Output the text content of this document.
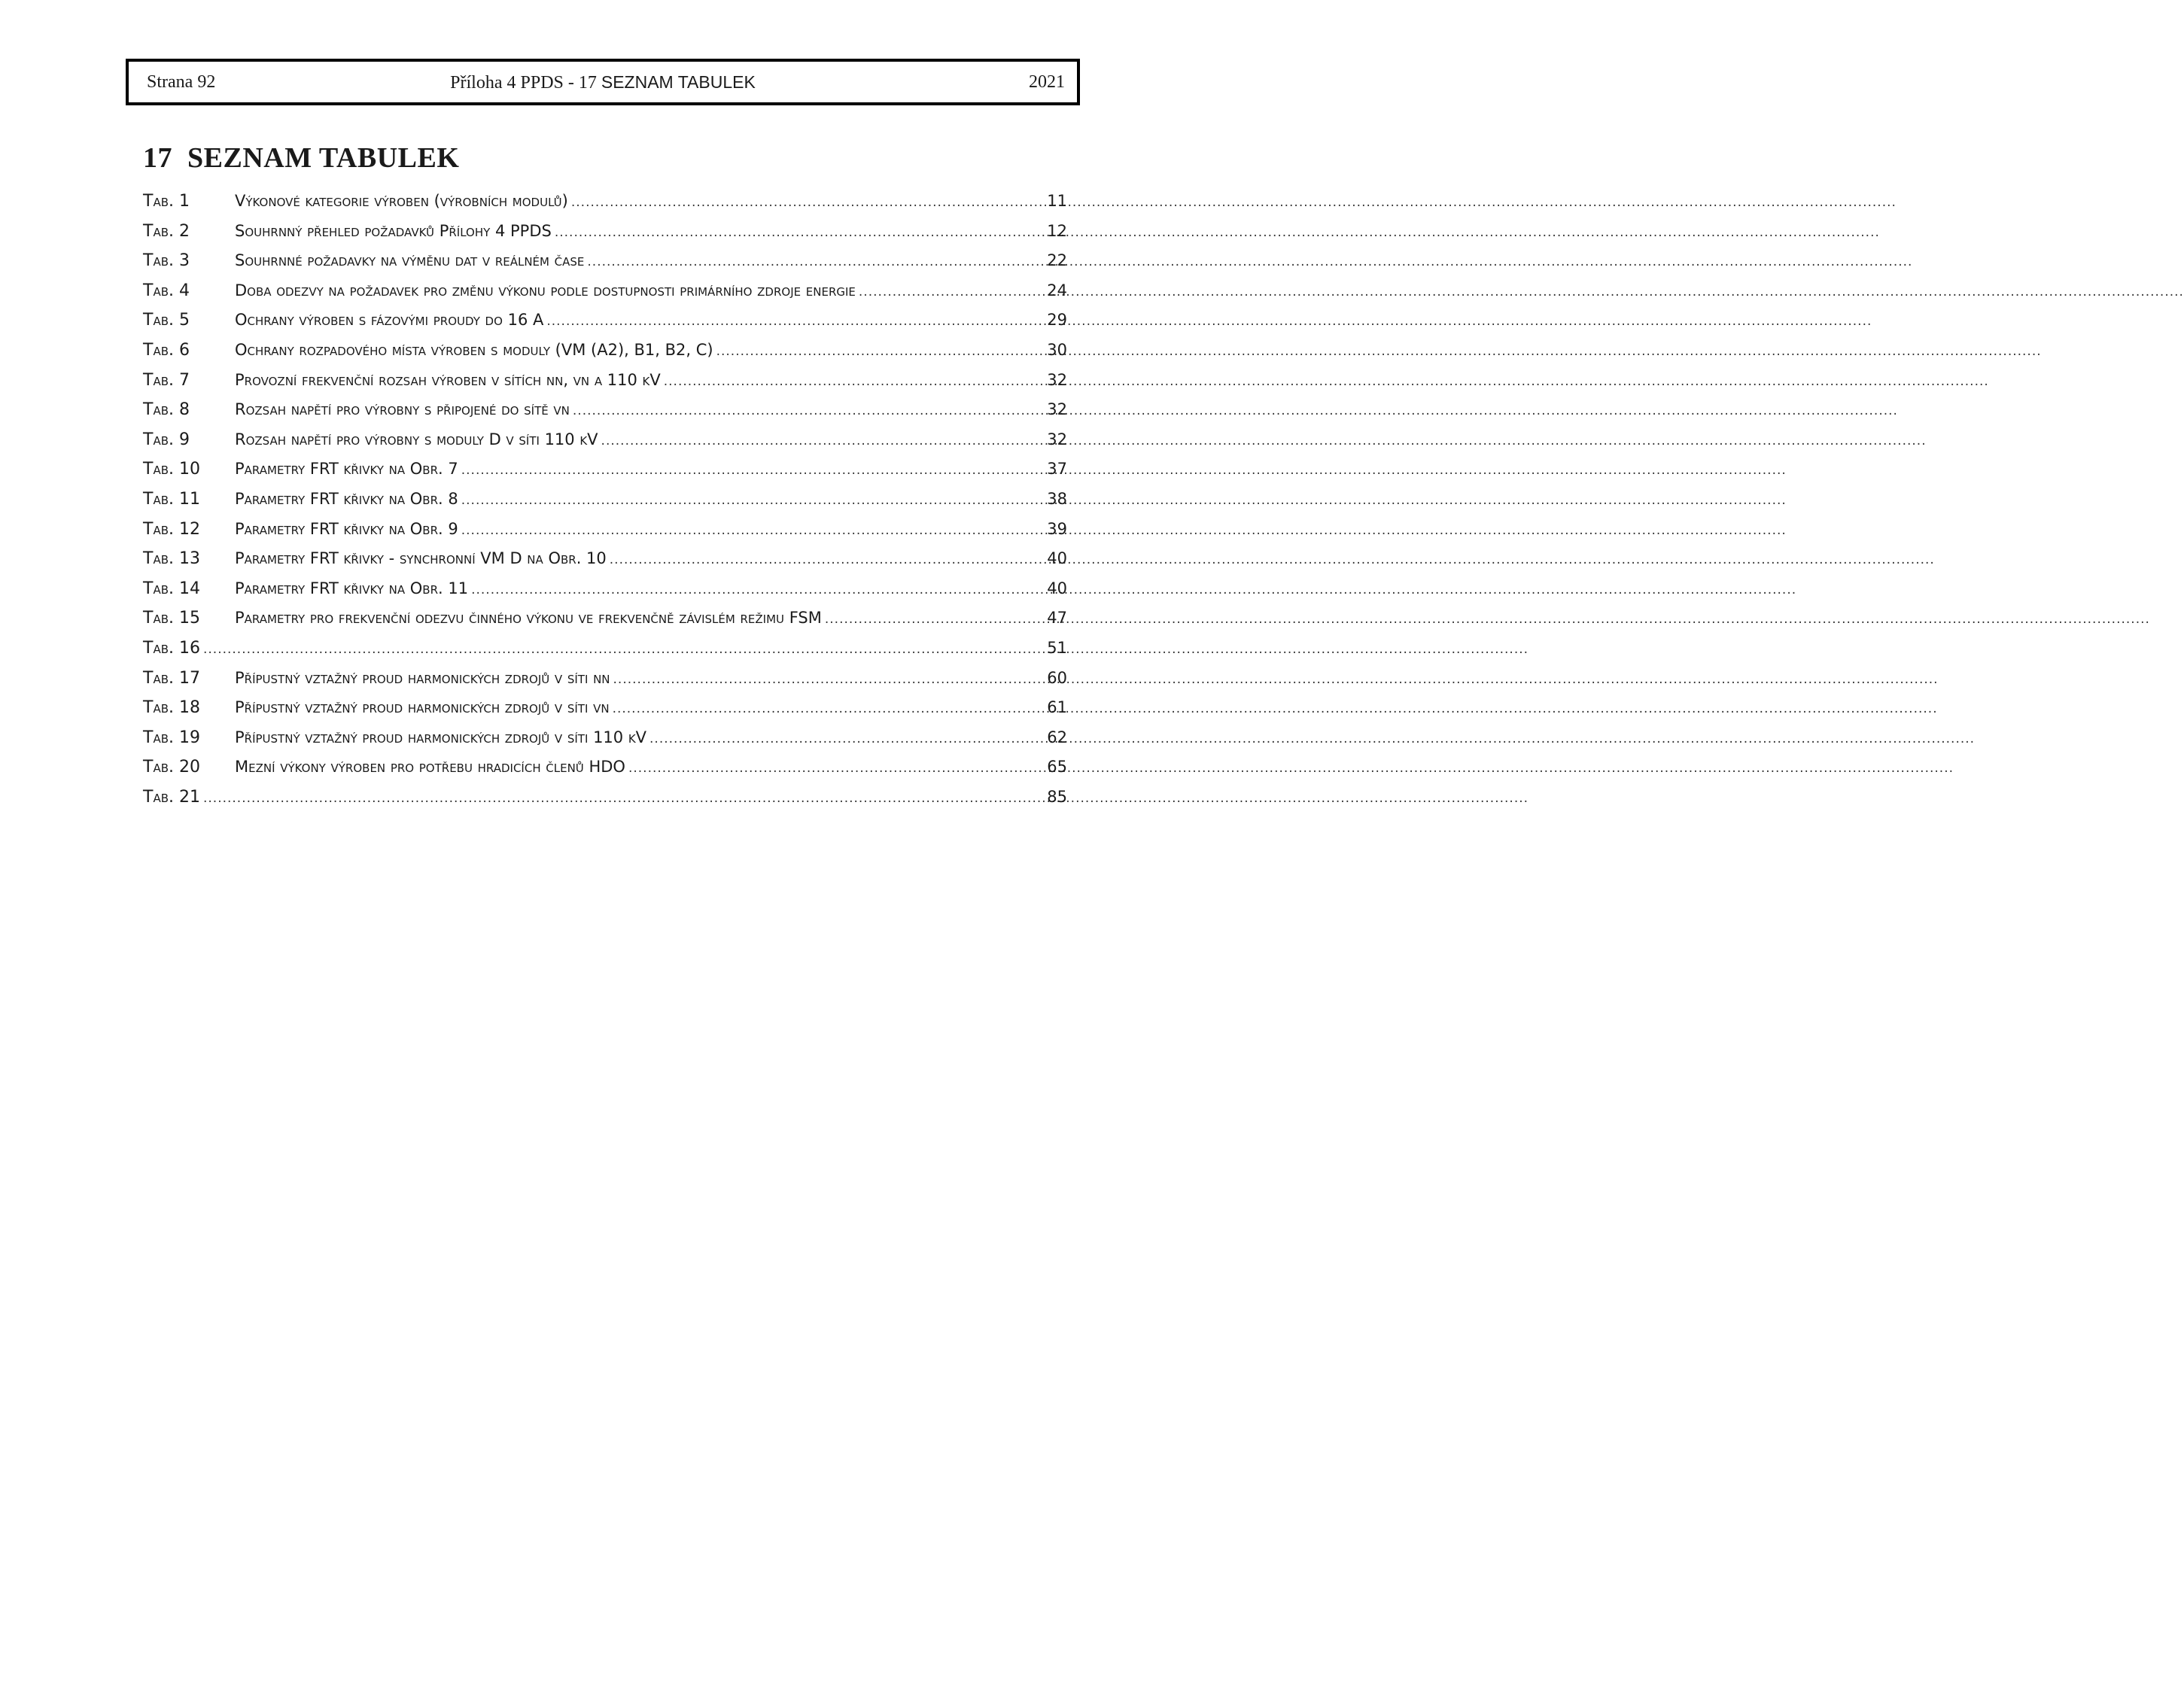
Strana 92	Příloha 4 PPDS - 17 SEZNAM TABULEK	2021
17 SEZNAM TABULEK
Tab. 1	Výkonové kategorie výroben (výrobních modulů) .....	11
Tab. 2	Souhrnný přehled požadavků Přílohy 4 PPDS .....	12
Tab. 3	Souhrnné požadavky na výměnu dat v reálném čase .....	22
Tab. 4	Doba odezvy na požadavek pro změnu výkonu podle dostupnosti primárního zdroje energie .....	24
Tab. 5	Ochrany výroben s fázovými proudy do 16 A .....	29
Tab. 6	Ochrany rozpadového místa výroben s moduly (VM (A2), B1, B2, C) .....	30
Tab. 7	Provozní frekvenční rozsah výroben v sítích nn, vn a 110 kV .....	32
Tab. 8	Rozsah napětí pro výrobny s připojené do sítě vn .....	32
Tab. 9	Rozsah napětí pro výrobny s moduly D v síti 110 kV .....	32
Tab. 10	Parametry FRT křivky na Obr. 7 .....	37
Tab. 11	Parametry FRT křivky na Obr. 8 .....	38
Tab. 12	Parametry FRT křivky na Obr. 9 .....	39
Tab. 13	Parametry FRT křivky - synchronní VM D na Obr. 10 .....	40
Tab. 14	Parametry FRT křivky na Obr. 11 .....	40
Tab. 15	Parametry pro frekvenční odezvu činného výkonu ve frekvenčně závislém režimu FSM .....	47
Tab. 16 .....	51
Tab. 17	Přípustný vztažný proud harmonických zdrojů v síti nn .....	60
Tab. 18	Přípustný vztažný proud harmonických zdrojů v síti vn .....	61
Tab. 19	Přípustný vztažný proud harmonických zdrojů v síti 110 kV .....	62
Tab. 20	Mezní výkony výroben pro potřebu hradicích členů HDO .....	65
Tab. 21 .....	85
